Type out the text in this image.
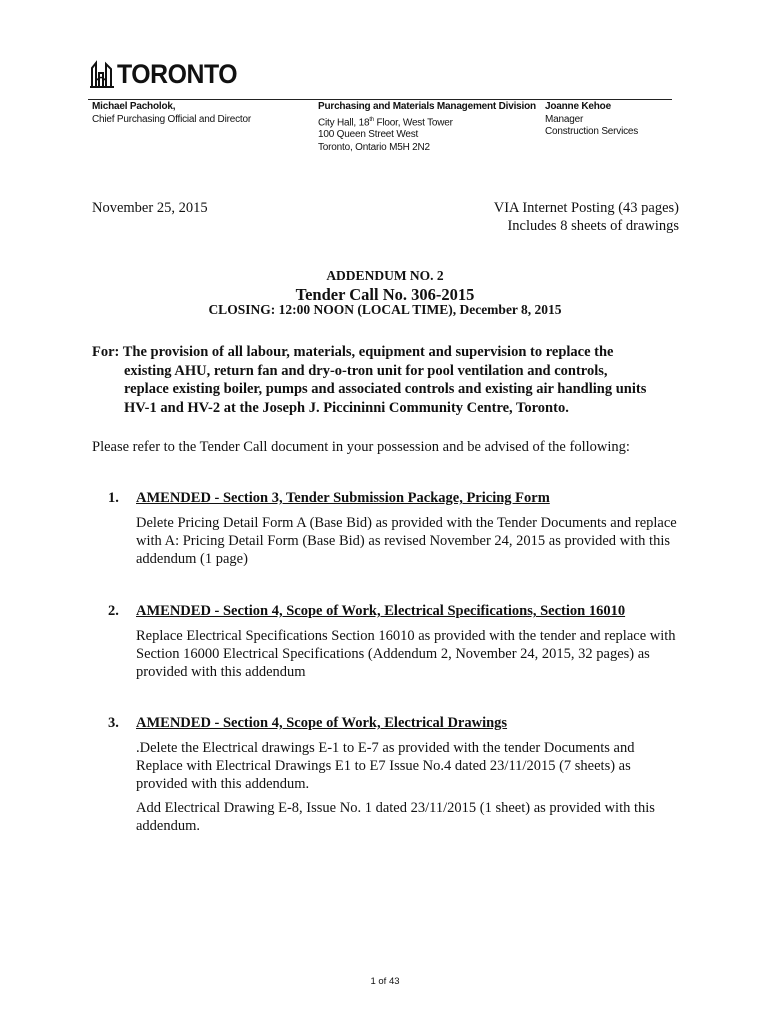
TORONTO
Michael Pacholok,
Chief Purchasing Official and Director
Purchasing and Materials Management Division
City Hall, 18th Floor, West Tower
100 Queen Street West
Toronto, Ontario M5H 2N2
Joanne Kehoe
Manager
Construction Services
November 25, 2015	VIA Internet Posting (43 pages)
Includes 8 sheets of drawings
ADDENDUM NO. 2
Tender Call No. 306-2015
CLOSING: 12:00 NOON (LOCAL TIME), December 8, 2015
For: The provision of all labour, materials, equipment and supervision to replace the
existing AHU, return fan and dry-o-tron unit for pool ventilation and controls,
replace existing boiler, pumps and associated controls and existing air handling units
HV-1 and HV-2 at the Joseph J. Piccininni Community Centre, Toronto.
Please refer to the Tender Call document in your possession and be advised of the following:
1. AMENDED - Section 3, Tender Submission Package, Pricing Form

Delete Pricing Detail Form A (Base Bid) as provided with the Tender Documents and replace with A: Pricing Detail Form (Base Bid) as revised November 24, 2015 as provided with this addendum (1 page)

2. AMENDED - Section 4, Scope of Work, Electrical Specifications, Section 16010

Replace Electrical Specifications Section 16010 as provided with the tender and replace with Section 16000 Electrical Specifications (Addendum 2, November 24, 2015, 32 pages) as provided with this addendum

3. AMENDED - Section 4, Scope of Work, Electrical Drawings

.Delete the Electrical drawings E-1 to E-7 as provided with the tender Documents and Replace with Electrical Drawings E1 to E7 Issue No.4 dated 23/11/2015 (7 sheets) as provided with this addendum.

Add Electrical Drawing E-8, Issue No. 1 dated 23/11/2015 (1 sheet) as provided with this addendum.

1 of 43
